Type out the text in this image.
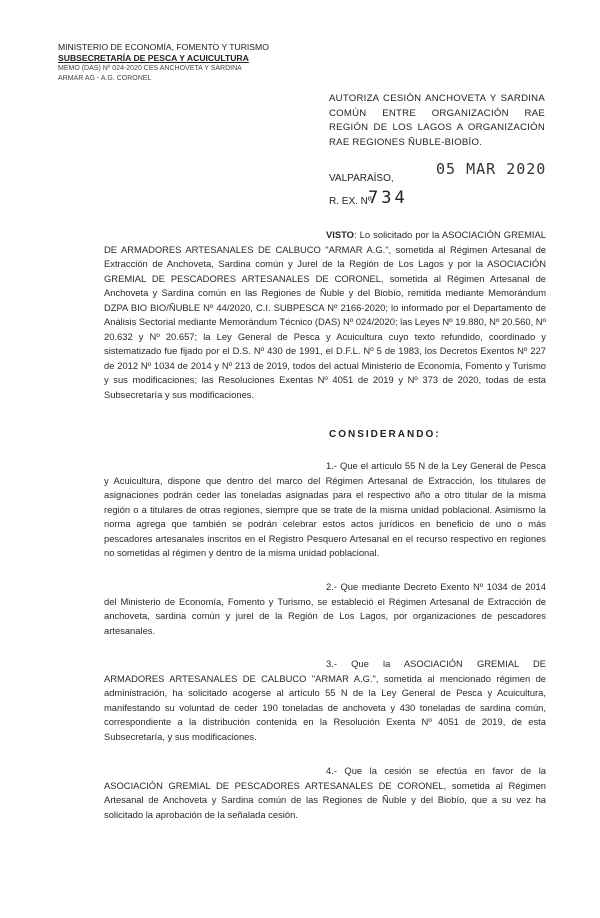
MINISTERIO DE ECONOMÍA, FOMENTO Y TURISMO
SUBSECRETARÍA DE PESCA Y ACUICULTURA
MEMO (DAS) Nº 024-2020 CES ANCHOVETA Y SARDINA
ARMAR AG - A.G. CORONEL
AUTORIZA CESIÓN ANCHOVETA Y SARDINA COMÚN ENTRE ORGANIZACIÓN RAE REGIÓN DE LOS LAGOS A ORGANIZACIÓN RAE REGIONES ÑUBLE-BIOBÍO.
05 MAR 2020
VALPARAÍSO,
R. EX. Nº
734
VISTO: Lo solicitado por la ASOCIACIÓN GREMIAL DE ARMADORES ARTESANALES DE CALBUCO "ARMAR A.G.", sometida al Régimen Artesanal de Extracción de Anchoveta, Sardina común y Jurel de la Región de Los Lagos y por la ASOCIACIÓN GREMIAL DE PESCADORES ARTESANALES DE CORONEL, sometida al Régimen Artesanal de Anchoveta y Sardina común en las Regiones de Ñuble y del Biobío, remitida mediante Memorándum DZPA BIO BIO/ÑUBLE Nº 44/2020, C.I. SUBPESCA Nº 2166-2020; lo informado por el Departamento de Análisis Sectorial mediante Memorándum Técnico (DAS) Nº 024/2020; las Leyes Nº 19.880, Nº 20.560, Nº 20.632 y Nº 20.657; la Ley General de Pesca y Acuicultura cuyo texto refundido, coordinado y sistematizado fue fijado por el D.S. Nº 430 de 1991, el D.F.L. Nº 5 de 1983, los Decretos Exentos Nº 227 de 2012 Nº 1034 de 2014 y Nº 213 de 2019, todos del actual Ministerio de Economía, Fomento y Turismo y sus modificaciones; las Resoluciones Exentas Nº 4051 de 2019 y Nº 373 de 2020, todas de esta Subsecretaría y sus modificaciones.
CONSIDERANDO:
1.- Que el artículo 55 N de la Ley General de Pesca y Acuicultura, dispone que dentro del marco del Régimen Artesanal de Extracción, los titulares de asignaciones podrán ceder las toneladas asignadas para el respectivo año a otro titular de la misma región o a titulares de otras regiones, siempre que se trate de la misma unidad poblacional. Asimismo la norma agrega que también se podrán celebrar estos actos jurídicos en beneficio de uno o más pescadores artesanales inscritos en el Registro Pesquero Artesanal en el recurso respectivo en regiones no sometidas al régimen y dentro de la misma unidad poblacional.
2.- Que mediante Decreto Exento Nº 1034 de 2014 del Ministerio de Economía, Fomento y Turismo, se estableció el Régimen Artesanal de Extracción de anchoveta, sardina común y jurel de la Región de Los Lagos, por organizaciones de pescadores artesanales.
3.- Que la ASOCIACIÓN GREMIAL DE ARMADORES ARTESANALES DE CALBUCO "ARMAR A.G.", sometida al mencionado régimen de administración, ha solicitado acogerse al artículo 55 N de la Ley General de Pesca y Acuicultura, manifestando su voluntad de ceder 190 toneladas de anchoveta y 430 toneladas de sardina común, correspondiente a la distribución contenida en la Resolución Exenta Nº 4051 de 2019, de esta Subsecretaría, y sus modificaciones.
4.- Que la cesión se efectúa en favor de la ASOCIACIÓN GREMIAL DE PESCADORES ARTESANALES DE CORONEL, sometida al Régimen Artesanal de Anchoveta y Sardina común de las Regiones de Ñuble y del Biobío, que a su vez ha solicitado la aprobación de la señalada cesión.
